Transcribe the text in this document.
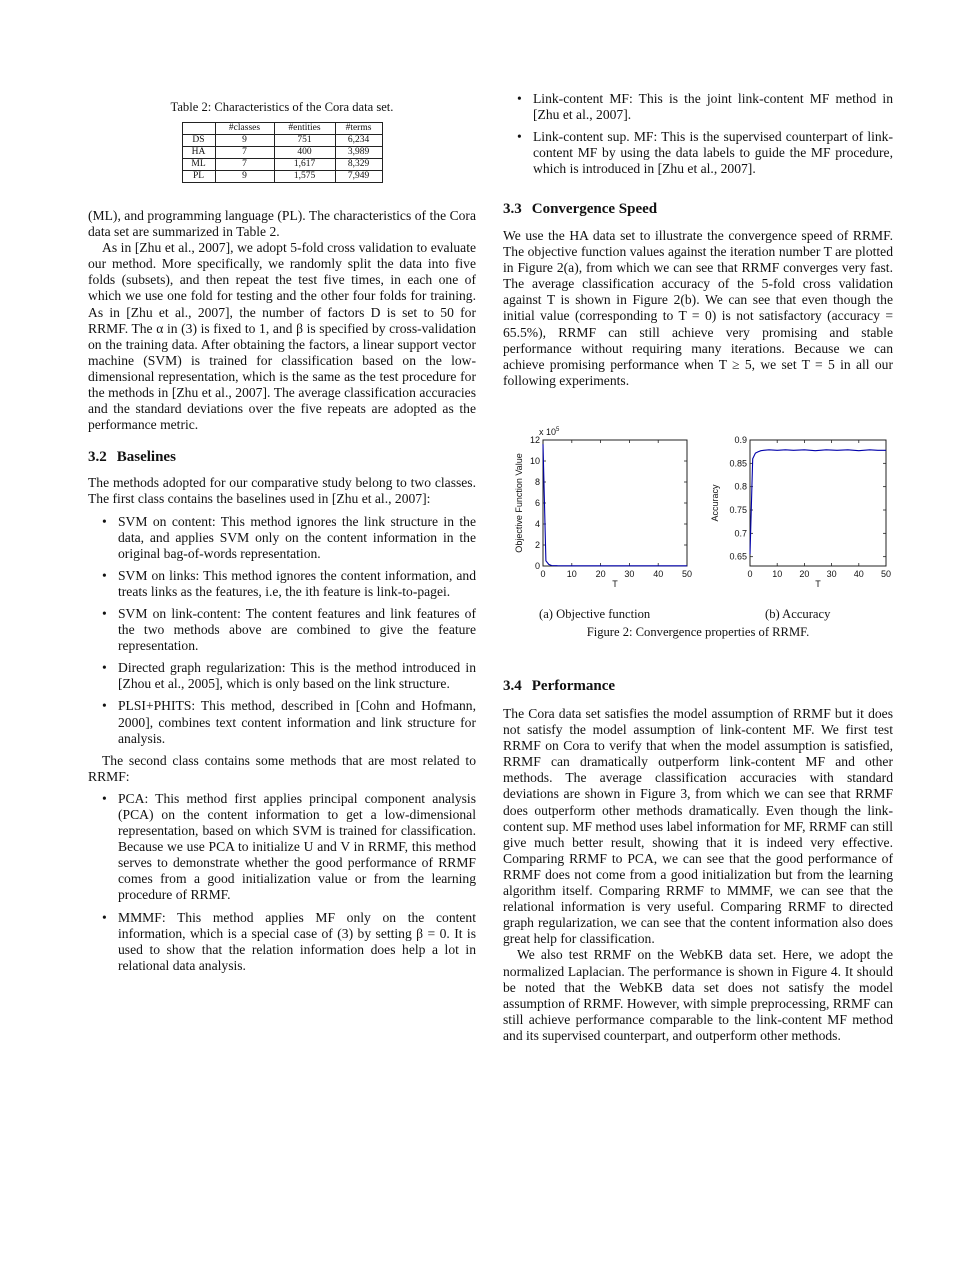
Table 2: Characteristics of the Cora data set.
	#classes	#entities	#terms
DS	9	751	6,234
HA	7	400	3,989
ML	7	1,617	8,329
PL	9	1,575	7,949

(ML), and programming language (PL). The characteristics of the Cora data set are summarized in Table 2.

As in [Zhu et al., 2007], we adopt 5-fold cross validation to evaluate our method. More specifically, we randomly split the data into five folds (subsets), and then repeat the test five times, in each one of which we use one fold for testing and the other four folds for training. As in [Zhu et al., 2007], the number of factors D is set to 50 for RRMF. The α in (3) is fixed to 1, and β is specified by cross-validation on the training data. After obtaining the factors, a linear support vector machine (SVM) is trained for classification based on the low-dimensional representation, which is the same as the test procedure for the methods in [Zhu et al., 2007]. The average classification accuracies and the standard deviations over the five repeats are adopted as the performance metric.

3.2 Baselines

The methods adopted for our comparative study belong to two classes. The first class contains the baselines used in [Zhu et al., 2007]:

• SVM on content: This method ignores the link structure in the data, and applies SVM only on the content information in the original bag-of-words representation.
• SVM on links: This method ignores the content information, and treats links as the features, i.e, the ith feature is link-to-pagei.
• SVM on link-content: The content features and link features of the two methods above are combined to give the feature representation.
• Directed graph regularization: This is the method introduced in [Zhou et al., 2005], which is only based on the link structure.
• PLSI+PHITS: This method, described in [Cohn and Hofmann, 2000], combines text content information and link structure for analysis.

The second class contains some methods that are most related to RRMF:

• PCA: This method first applies principal component analysis (PCA) on the content information to get a low-dimensional representation, based on which SVM is trained for classification. Because we use PCA to initialize U and V in RRMF, this method serves to demonstrate whether the good performance of RRMF comes from a good initialization value or from the learning procedure of RRMF.
• MMMF: This method applies MF only on the content information, which is a special case of (3) by setting β = 0. It is used to show that the relation information does help a lot in relational data analysis.
• Link-content MF: This is the joint link-content MF method in [Zhu et al., 2007].
• Link-content sup. MF: This is the supervised counterpart of link-content MF by using the data labels to guide the MF procedure, which is introduced in [Zhu et al., 2007].
3.3 Convergence Speed

We use the HA data set to illustrate the convergence speed of RRMF. The objective function values against the iteration number T are plotted in Figure 2(a), from which we can see that RRMF converges very fast. The average classification accuracy of the 5-fold cross validation against T is shown in Figure 2(b). We can see that even though the initial value (corresponding to T = 0) is not satisfactory (accuracy = 65.5%), RRMF can still achieve very promising and stable performance without requiring many iterations. Because we can achieve promising performance when T ≥ 5, we set T = 5 in all our following experiments.

0 10 20 30 40 50
0
2
4
6
8
10
12
T
Objective Function Value
x $10^5$
0 10 20 30 40 50
0.65
0.7
0.75
0.8
0.85
0.9
T
Accuracy
(a) Objective function	(b) Accuracy
Figure 2: Convergence properties of RRMF.
3.4 Performance

The Cora data set satisfies the model assumption of RRMF but it does not satisfy the model assumption of link-content MF. We first test RRMF on Cora to verify that when the model assumption is satisfied, RRMF can dramatically outperform link-content MF and other methods. The average classification accuracies with standard deviations are shown in Figure 3, from which we can see that RRMF does outperform other methods dramatically. Even though the link-content sup. MF method uses label information for MF, RRMF can still give much better result, showing that it is indeed very effective. Comparing RRMF to PCA, we can see that the good performance of RRMF does not come from a good initialization but from the learning algorithm itself. Comparing RRMF to MMMF, we can see that the relational information is very useful. Comparing RRMF to directed graph regularization, we can see that the content information also does great help for classification.

We also test RRMF on the WebKB data set. Here, we adopt the normalized Laplacian. The performance is shown in Figure 4. It should be noted that the WebKB data set does not satisfy the model assumption of RRMF. However, with simple preprocessing, RRMF can still achieve performance comparable to the link-content MF method and its supervised counterpart, and outperform other methods.
